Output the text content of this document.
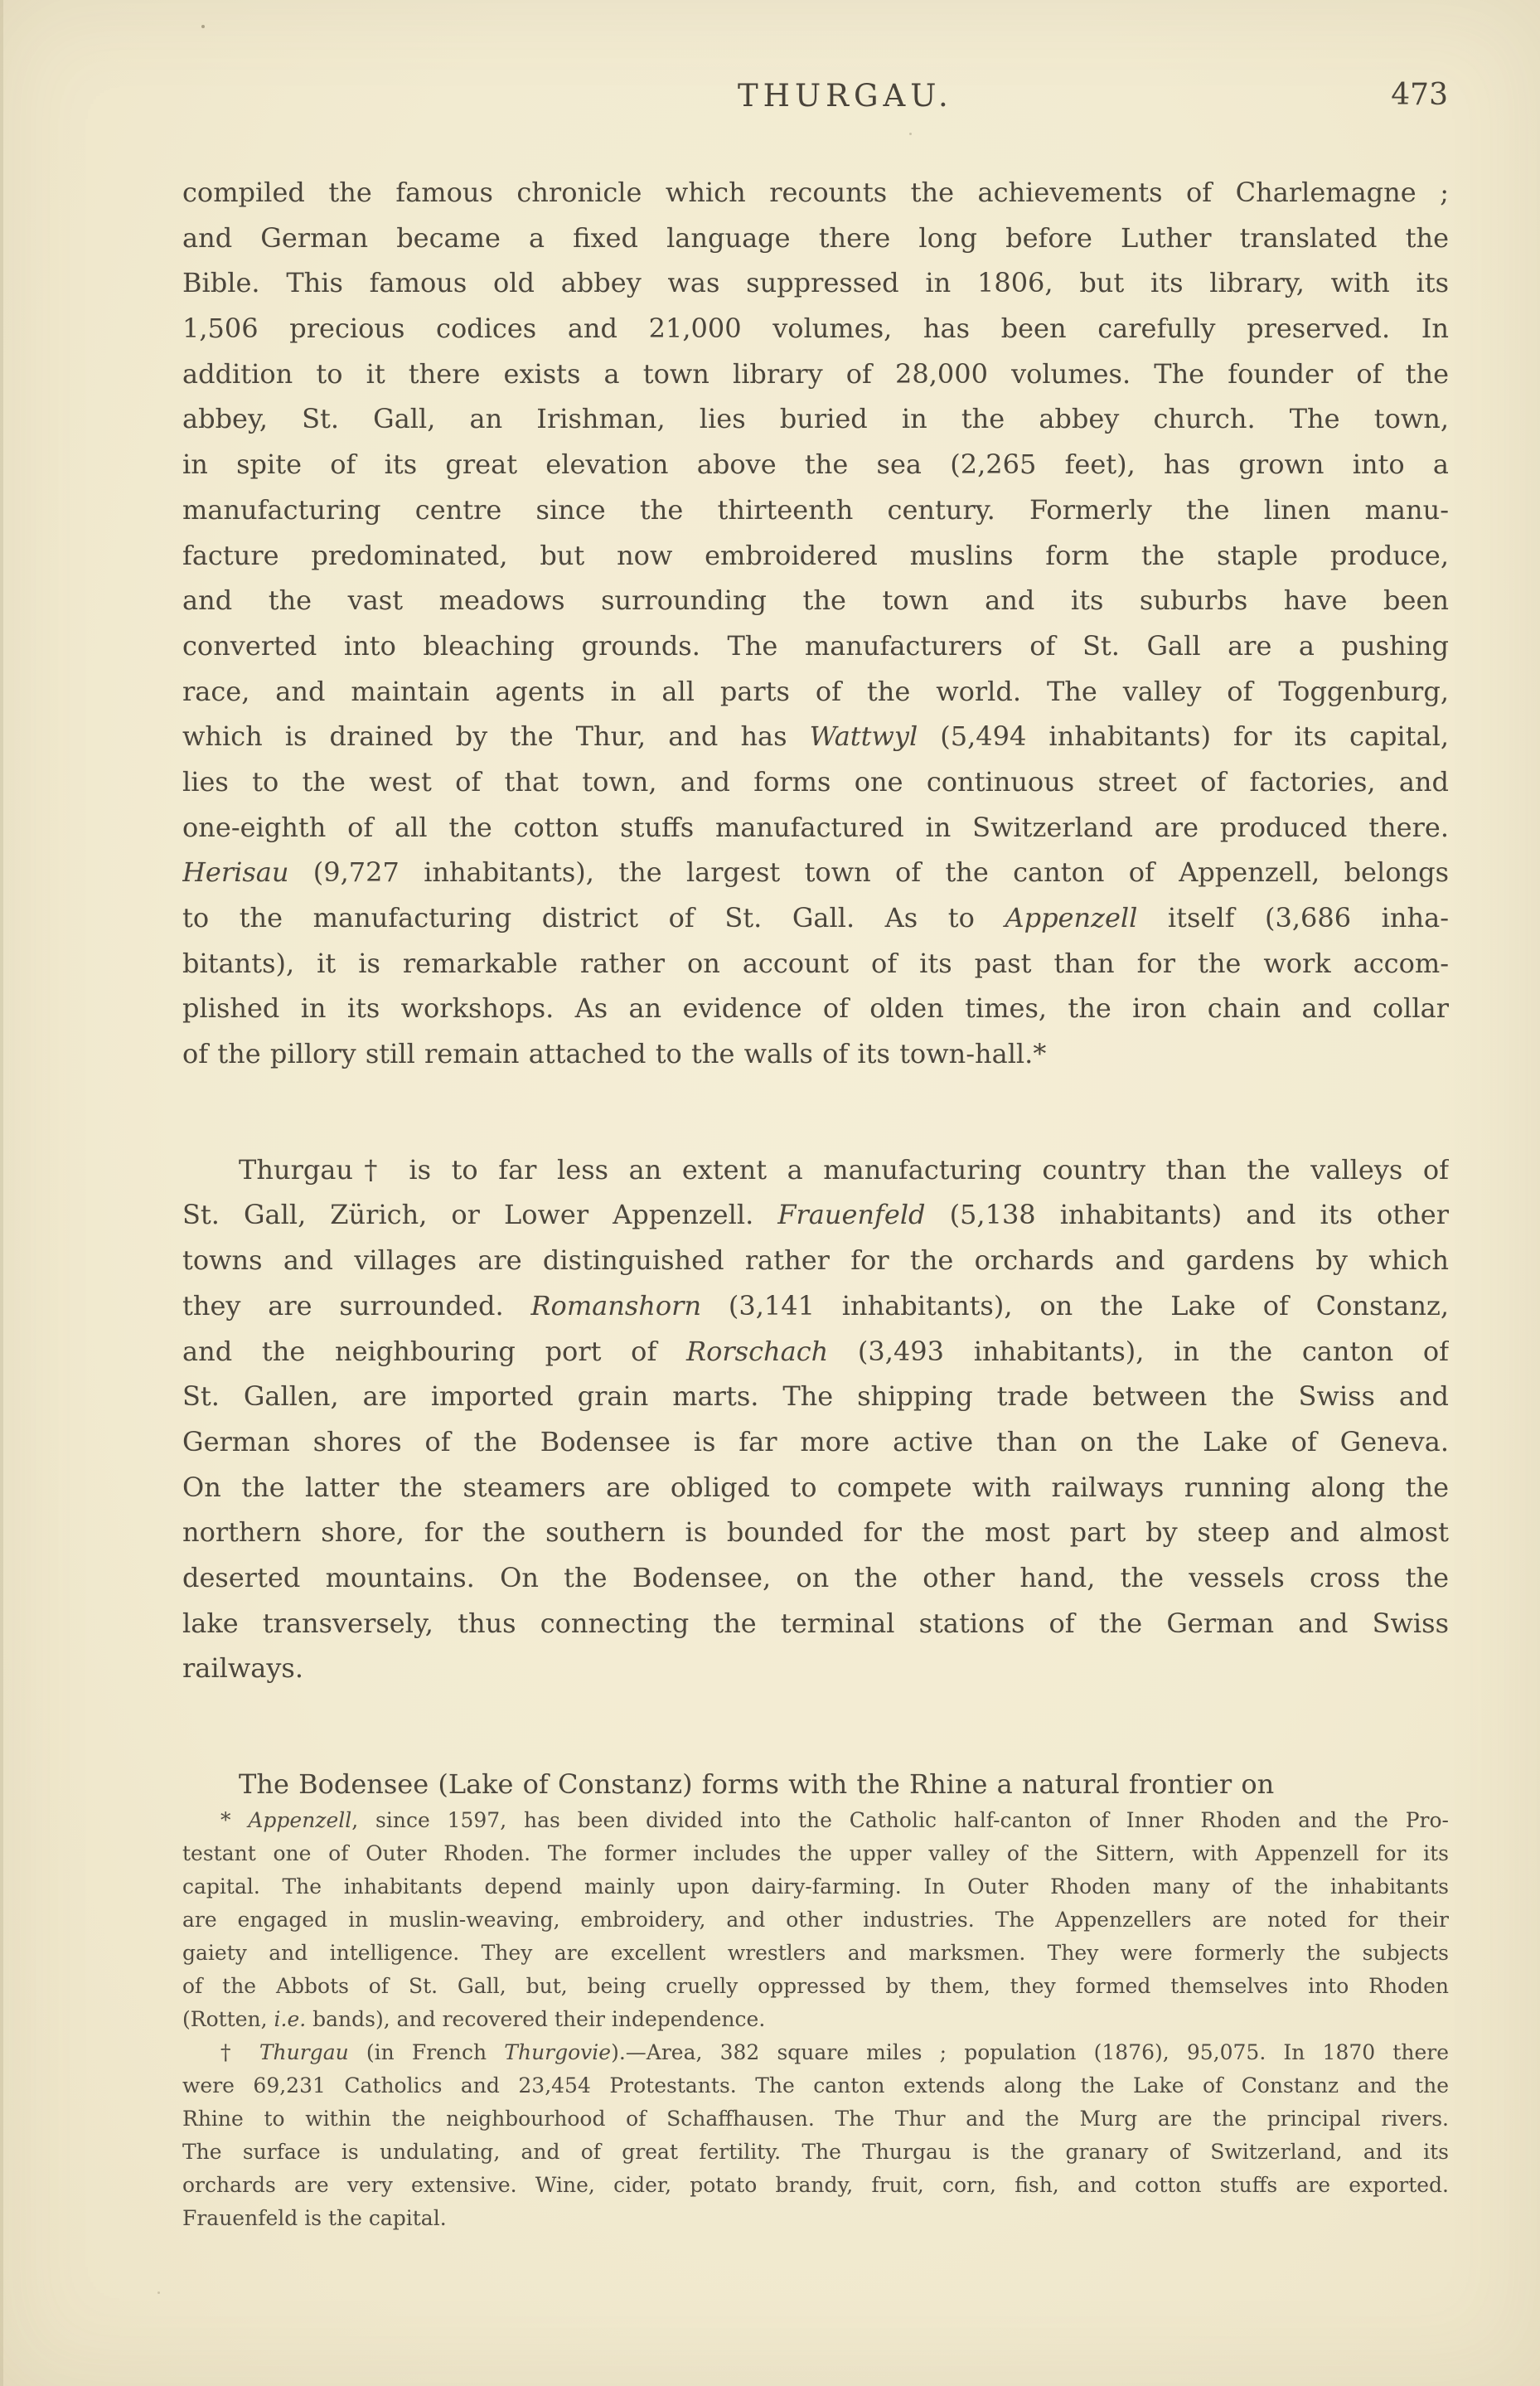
THURGAU.	473
compiled the famous chronicle which recounts the achievements of Charlemagne ;
and German became a fixed language there long before Luther translated the
Bible. This famous old abbey was suppressed in 1806, but its library, with its
1,506 precious codices and 21,000 volumes, has been carefully preserved. In
addition to it there exists a town library of 28,000 volumes. The founder of the
abbey, St. Gall, an Irishman, lies buried in the abbey church. The town,
in spite of its great elevation above the sea (2,265 feet), has grown into a
manufacturing centre since the thirteenth century. Formerly the linen manu-
facture predominated, but now embroidered muslins form the staple produce,
and the vast meadows surrounding the town and its suburbs have been
converted into bleaching grounds. The manufacturers of St. Gall are a pushing
race, and maintain agents in all parts of the world. The valley of Toggenburg,
which is drained by the Thur, and has Wattwyl (5,494 inhabitants) for its capital,
lies to the west of that town, and forms one continuous street of factories, and
one-eighth of all the cotton stuffs manufactured in Switzerland are produced there.
Herisau (9,727 inhabitants), the largest town of the canton of Appenzell, belongs
to the manufacturing district of St. Gall. As to Appenzell itself (3,686 inha-
bitants), it is remarkable rather on account of its past than for the work accom-
plished in its workshops. As an evidence of olden times, the iron chain and collar
of the pillory still remain attached to the walls of its town-hall.*
Thurgau† is to far less an extent a manufacturing country than the valleys of
St. Gall, Zürich, or Lower Appenzell. Frauenfeld (5,138 inhabitants) and its other
towns and villages are distinguished rather for the orchards and gardens by which
they are surrounded. Romanshorn (3,141 inhabitants), on the Lake of Constanz,
and the neighbouring port of Rorschach (3,493 inhabitants), in the canton of
St. Gallen, are imported grain marts. The shipping trade between the Swiss and
German shores of the Bodensee is far more active than on the Lake of Geneva.
On the latter the steamers are obliged to compete with railways running along the
northern shore, for the southern is bounded for the most part by steep and almost
deserted mountains. On the Bodensee, on the other hand, the vessels cross the
lake transversely, thus connecting the terminal stations of the German and Swiss
railways.
The Bodensee (Lake of Constanz) forms with the Rhine a natural frontier on
* Appenzell, since 1597, has been divided into the Catholic half-canton of Inner Rhoden and the Pro-
testant one of Outer Rhoden. The former includes the upper valley of the Sittern, with Appenzell for its
capital. The inhabitants depend mainly upon dairy-farming. In Outer Rhoden many of the inhabitants
are engaged in muslin-weaving, embroidery, and other industries. The Appenzellers are noted for their
gaiety and intelligence. They are excellent wrestlers and marksmen. They were formerly the subjects
of the Abbots of St. Gall, but, being cruelly oppressed by them, they formed themselves into Rhoden
(Rotten, i.e. bands), and recovered their independence.
† Thurgau (in French Thurgovie).—Area, 382 square miles ; population (1876), 95,075. In 1870 there
were 69,231 Catholics and 23,454 Protestants. The canton extends along the Lake of Constanz and the
Rhine to within the neighbourhood of Schaffhausen. The Thur and the Murg are the principal rivers.
The surface is undulating, and of great fertility. The Thurgau is the granary of Switzerland, and its
orchards are very extensive. Wine, cider, potato brandy, fruit, corn, fish, and cotton stuffs are exported.
Frauenfeld is the capital.
